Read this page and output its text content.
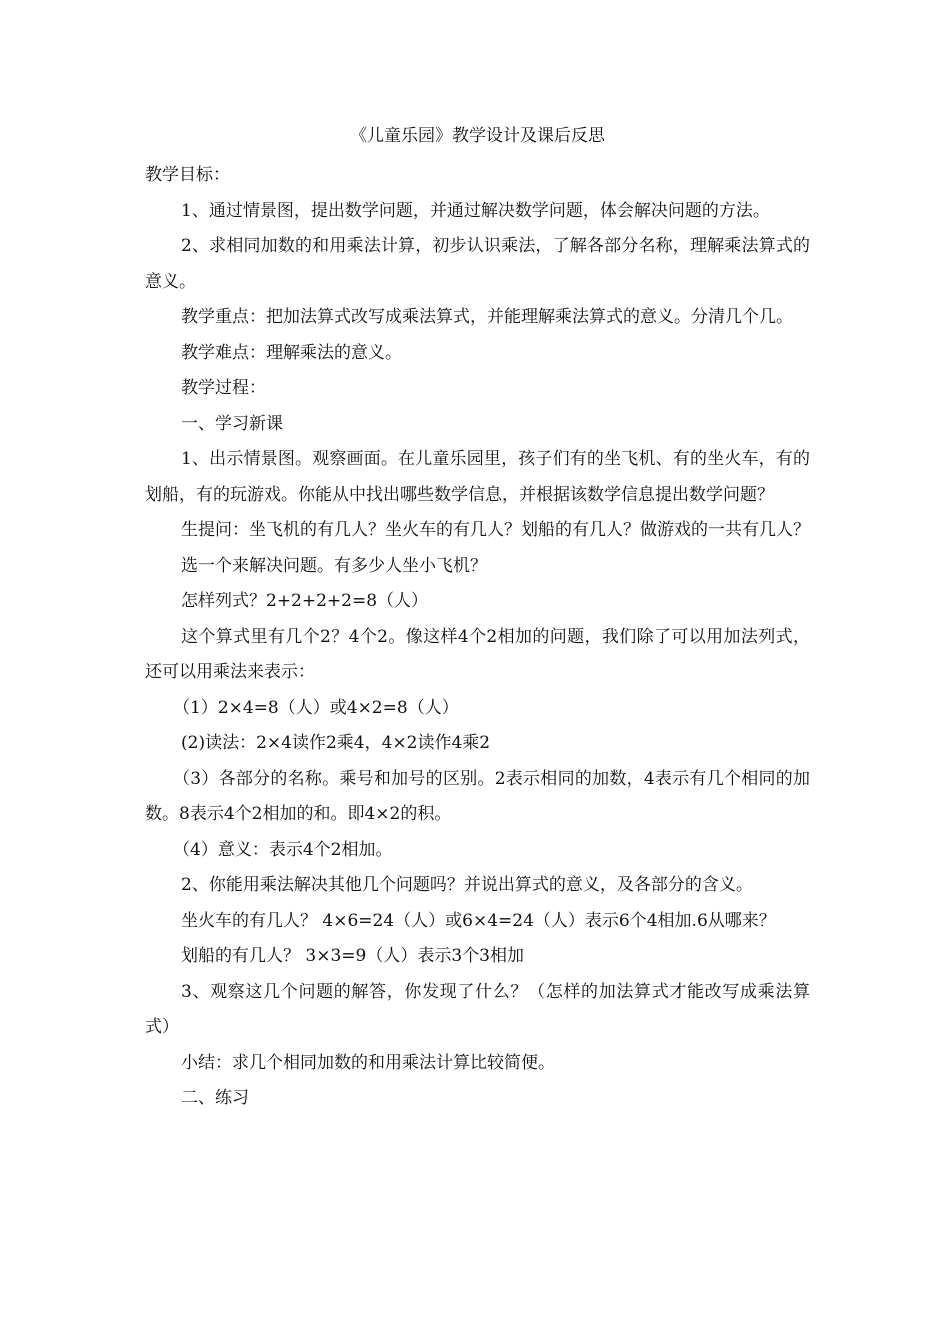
《儿童乐园》教学设计及课后反思

教学目标：

1、通过情景图，提出数学问题，并通过解决数学问题，体会解决问题的方法。

2、求相同加数的和用乘法计算，初步认识乘法，了解各部分名称，理解乘法算式的意义。

教学重点：把加法算式改写成乘法算式，并能理解乘法算式的意义。分清几个几。

教学难点：理解乘法的意义。

教学过程：

一、学习新课

1、出示情景图。观察画面。在儿童乐园里，孩子们有的坐飞机、有的坐火车，有的划船，有的玩游戏。你能从中找出哪些数学信息，并根据该数学信息提出数学问题？

生提问：坐飞机的有几人？坐火车的有几人？划船的有几人？做游戏的一共有几人？

选一个来解决问题。有多少人坐小飞机？

怎样列式？2+2+2+2=8（人）

这个算式里有几个2？4个2。像这样4个2相加的问题，我们除了可以用加法列式，还可以用乘法来表示：

（1）2×4=8（人）或4×2=8（人）

(2)读法：2×4读作2乘4，4×2读作4乘2

（3）各部分的名称。乘号和加号的区别。2表示相同的加数，4表示有几个相同的加数。8表示4个2相加的和。即4×2的积。

（4）意义：表示4个2相加。

2、你能用乘法解决其他几个问题吗？并说出算式的意义，及各部分的含义。

坐火车的有几人？ 4×6=24（人）或6×4=24（人）表示6个4相加.6从哪来？

划船的有几人？ 3×3=9（人）表示3个3相加

3、观察这几个问题的解答，你发现了什么？（怎样的加法算式才能改写成乘法算式）

小结：求几个相同加数的和用乘法计算比较简便。

二、练习
